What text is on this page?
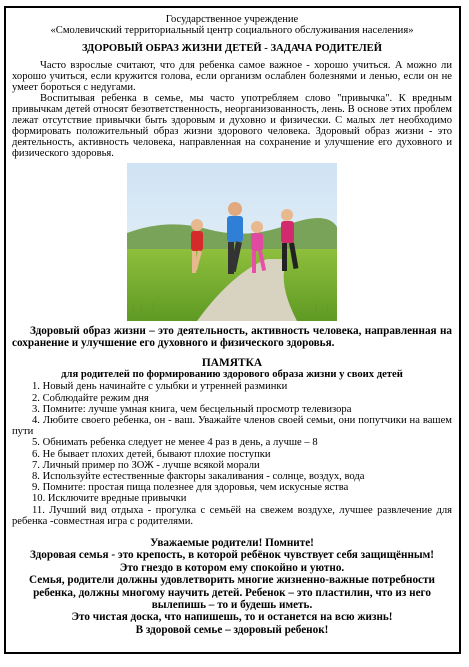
Государственное учреждение

«Смолевичский территориальный центр социального обслуживания населения»

ЗДОРОВЫЙ ОБРАЗ ЖИЗНИ ДЕТЕЙ - ЗАДАЧА РОДИТЕЛЕЙ

Часто взрослые считают, что для ребенка самое важное - хорошо учиться. А можно ли хорошо учиться, если кружится голова, если организм ослаблен болезнями и ленью, если он не умеет бороться с недугами.

Воспитывая ребенка в семье, мы часто употребляем слово "привычка". К вредным привычкам детей относят безответственность, неорганизованность, лень. В основе этих проблем лежат отсутствие привычки быть здоровым и духовно и физически. С малых лет необходимо формировать положительный образ жизни здорового человека. Здоровый образ жизни - это деятельность, активность человека, направленная на сохранение и улучшение его духовного и физического здоровья.

Здоровый образ жизни – это деятельность, активность человека, направленная на сохранение и улучшение его духовного и физического здоровья.

ПАМЯТКА

для родителей по формированию здорового образа жизни у своих детей

1. Новый день начинайте с улыбки и утренней разминки

2. Соблюдайте режим дня

3. Помните: лучше умная книга, чем бесцельный просмотр телевизора

4. Любите своего ребенка, он - ваш. Уважайте членов своей семьи, они попутчики на вашем пути

5. Обнимать ребенка следует не менее 4 раз в день, а лучше – 8

6. Не бывает плохих детей, бывают плохие поступки

7. Личный пример по ЗОЖ - лучше всякой морали

8. Используйте естественные факторы закаливания - солнце, воздух, вода

9. Помните: простая пища полезнее для здоровья, чем искусные яства

10. Исключите вредные привычки

11. Лучший вид отдыха - прогулка с семьёй на свежем воздухе, лучшее развлечение для ребенка -совместная игра с родителями.

Уважаемые родители! Помните!

Здоровая семья - это крепость, в которой ребёнок чувствует себя защищённым!

Это гнездо в котором ему спокойно и уютно.

Семья, родители должны удовлетворить многие жизненно-важные потребности ребенка, должны многому научить детей. Ребенок – это пластилин, что из него вылепишь – то и будешь иметь.

Это чистая доска, что напишешь, то и останется на всю жизнь!

В здоровой семье – здоровый ребенок!
